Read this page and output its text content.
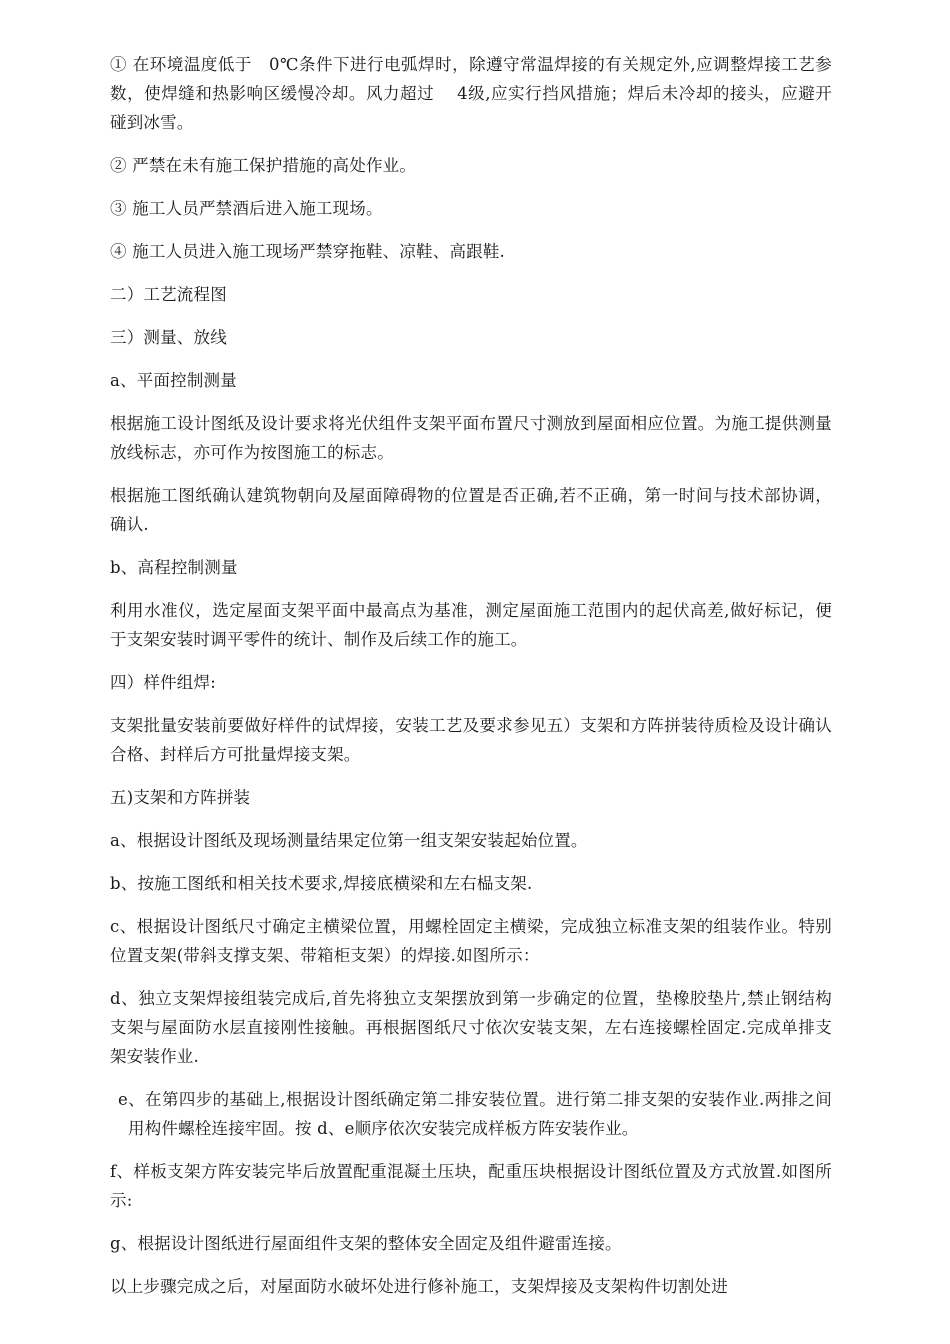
① 在环境温度低于　0℃条件下进行电弧焊时，除遵守常温焊接的有关规定外,应调整焊接工艺参数，使焊缝和热影响区缓慢冷却。风力超过　 4级,应实行挡风措施；焊后未冷却的接头，应避开碰到冰雪。

② 严禁在未有施工保护措施的高处作业。

③ 施工人员严禁酒后进入施工现场。

④ 施工人员进入施工现场严禁穿拖鞋、凉鞋、高跟鞋.

二）工艺流程图

三）测量、放线

a、平面控制测量

根据施工设计图纸及设计要求将光伏组件支架平面布置尺寸测放到屋面相应位置。为施工提供测量放线标志，亦可作为按图施工的标志。

根据施工图纸确认建筑物朝向及屋面障碍物的位置是否正确,若不正确，第一时间与技术部协调，确认.

b、高程控制测量

利用水准仪，选定屋面支架平面中最高点为基准，测定屋面施工范围内的起伏高差,做好标记，便于支架安装时调平零件的统计、制作及后续工作的施工。

四）样件组焊:

支架批量安装前要做好样件的试焊接，安装工艺及要求参见五）支架和方阵拼装待质检及设计确认合格、封样后方可批量焊接支架。

五)支架和方阵拼装

a、根据设计图纸及现场测量结果定位第一组支架安装起始位置。

b、按施工图纸和相关技术要求,焊接底横梁和左右榀支架.

c、根据设计图纸尺寸确定主横梁位置，用螺栓固定主横梁，完成独立标准支架的组装作业。特别位置支架(带斜支撑支架、带箱柜支架）的焊接.如图所示：

d、独立支架焊接组装完成后,首先将独立支架摆放到第一步确定的位置，垫橡胶垫片,禁止钢结构支架与屋面防水层直接刚性接触。再根据图纸尺寸依次安装支架，左右连接螺栓固定.完成单排支架安装作业.

e、在第四步的基础上,根据设计图纸确定第二排安装位置。进行第二排支架的安装作业.两排之间用构件螺栓连接牢固。按 d、e顺序依次安装完成样板方阵安装作业。

f、样板支架方阵安装完毕后放置配重混凝土压块，配重压块根据设计图纸位置及方式放置.如图所示:

g、根据设计图纸进行屋面组件支架的整体安全固定及组件避雷连接。

以上步骤完成之后，对屋面防水破坏处进行修补施工，支架焊接及支架构件切割处进
